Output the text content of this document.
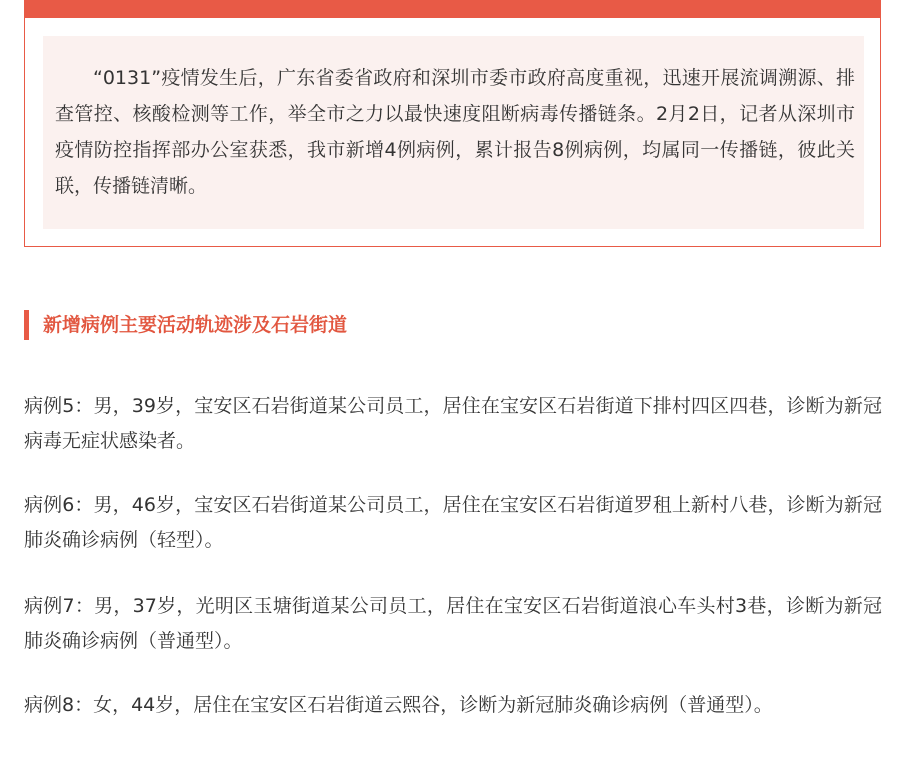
“0131”疫情发生后，广东省委省政府和深圳市委市政府高度重视，迅速开展流调溯源、排查管控、核酸检测等工作，举全市之力以最快速度阻断病毒传播链条。2月2日，记者从深圳市疫情防控指挥部办公室获悉，我市新增4例病例，累计报告8例病例，均属同一传播链，彼此关联，传播链清晰。

新增病例主要活动轨迹涉及石岩街道

病例5：男，39岁，宝安区石岩街道某公司员工，居住在宝安区石岩街道下排村四区四巷，诊断为新冠病毒无症状感染者。

病例6：男，46岁，宝安区石岩街道某公司员工，居住在宝安区石岩街道罗租上新村八巷，诊断为新冠肺炎确诊病例（轻型）。

病例7：男，37岁，光明区玉塘街道某公司员工，居住在宝安区石岩街道浪心车头村3巷，诊断为新冠肺炎确诊病例（普通型）。

病例8：女，44岁，居住在宝安区石岩街道云熙谷，诊断为新冠肺炎确诊病例（普通型）。
